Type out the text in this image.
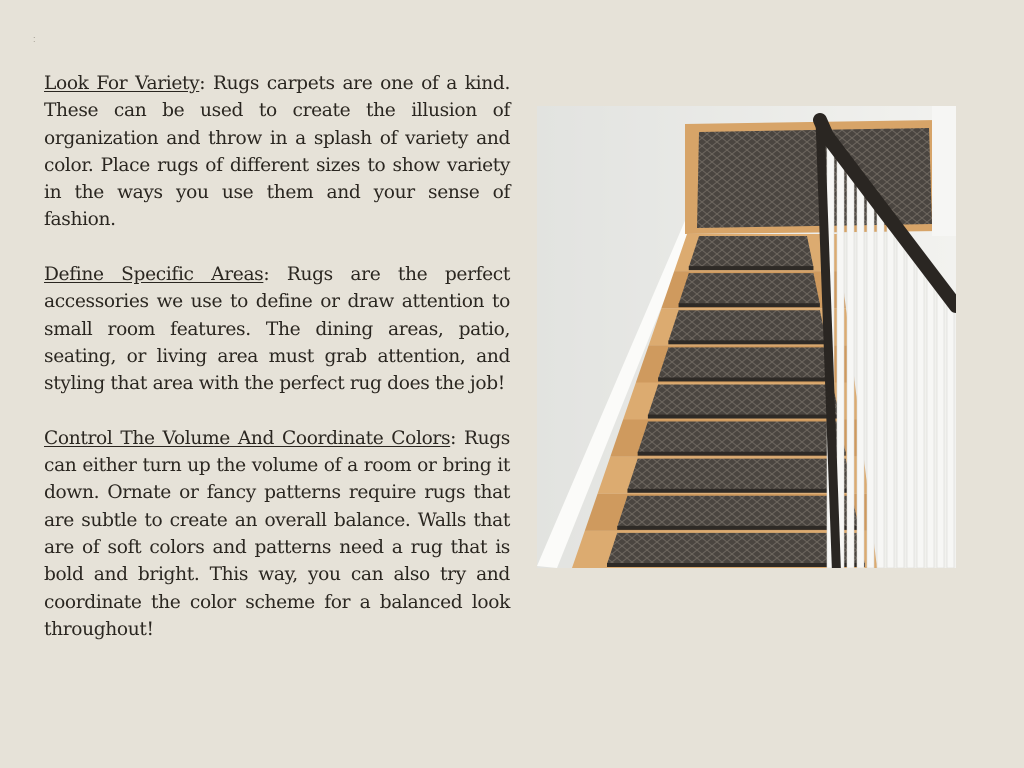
:

Look For Variety: Rugs carpets are one of a kind. These can be used to create the illusion of organization and throw in a splash of variety and color. Place rugs of different sizes to show variety in the ways you use them and your sense of fashion.

Define Specific Areas: Rugs are the perfect accessories we use to define or draw attention to small room features. The dining areas, patio, seating, or living area must grab attention, and styling that area with the perfect rug does the job!

Control The Volume And Coordinate Colors: Rugs can either turn up the volume of a room or bring it down. Ornate or fancy patterns require rugs that are subtle to create an overall balance. Walls that are of soft colors and patterns need a rug that is bold and bright. This way, you can also try and coordinate the color scheme for a balanced look throughout!
